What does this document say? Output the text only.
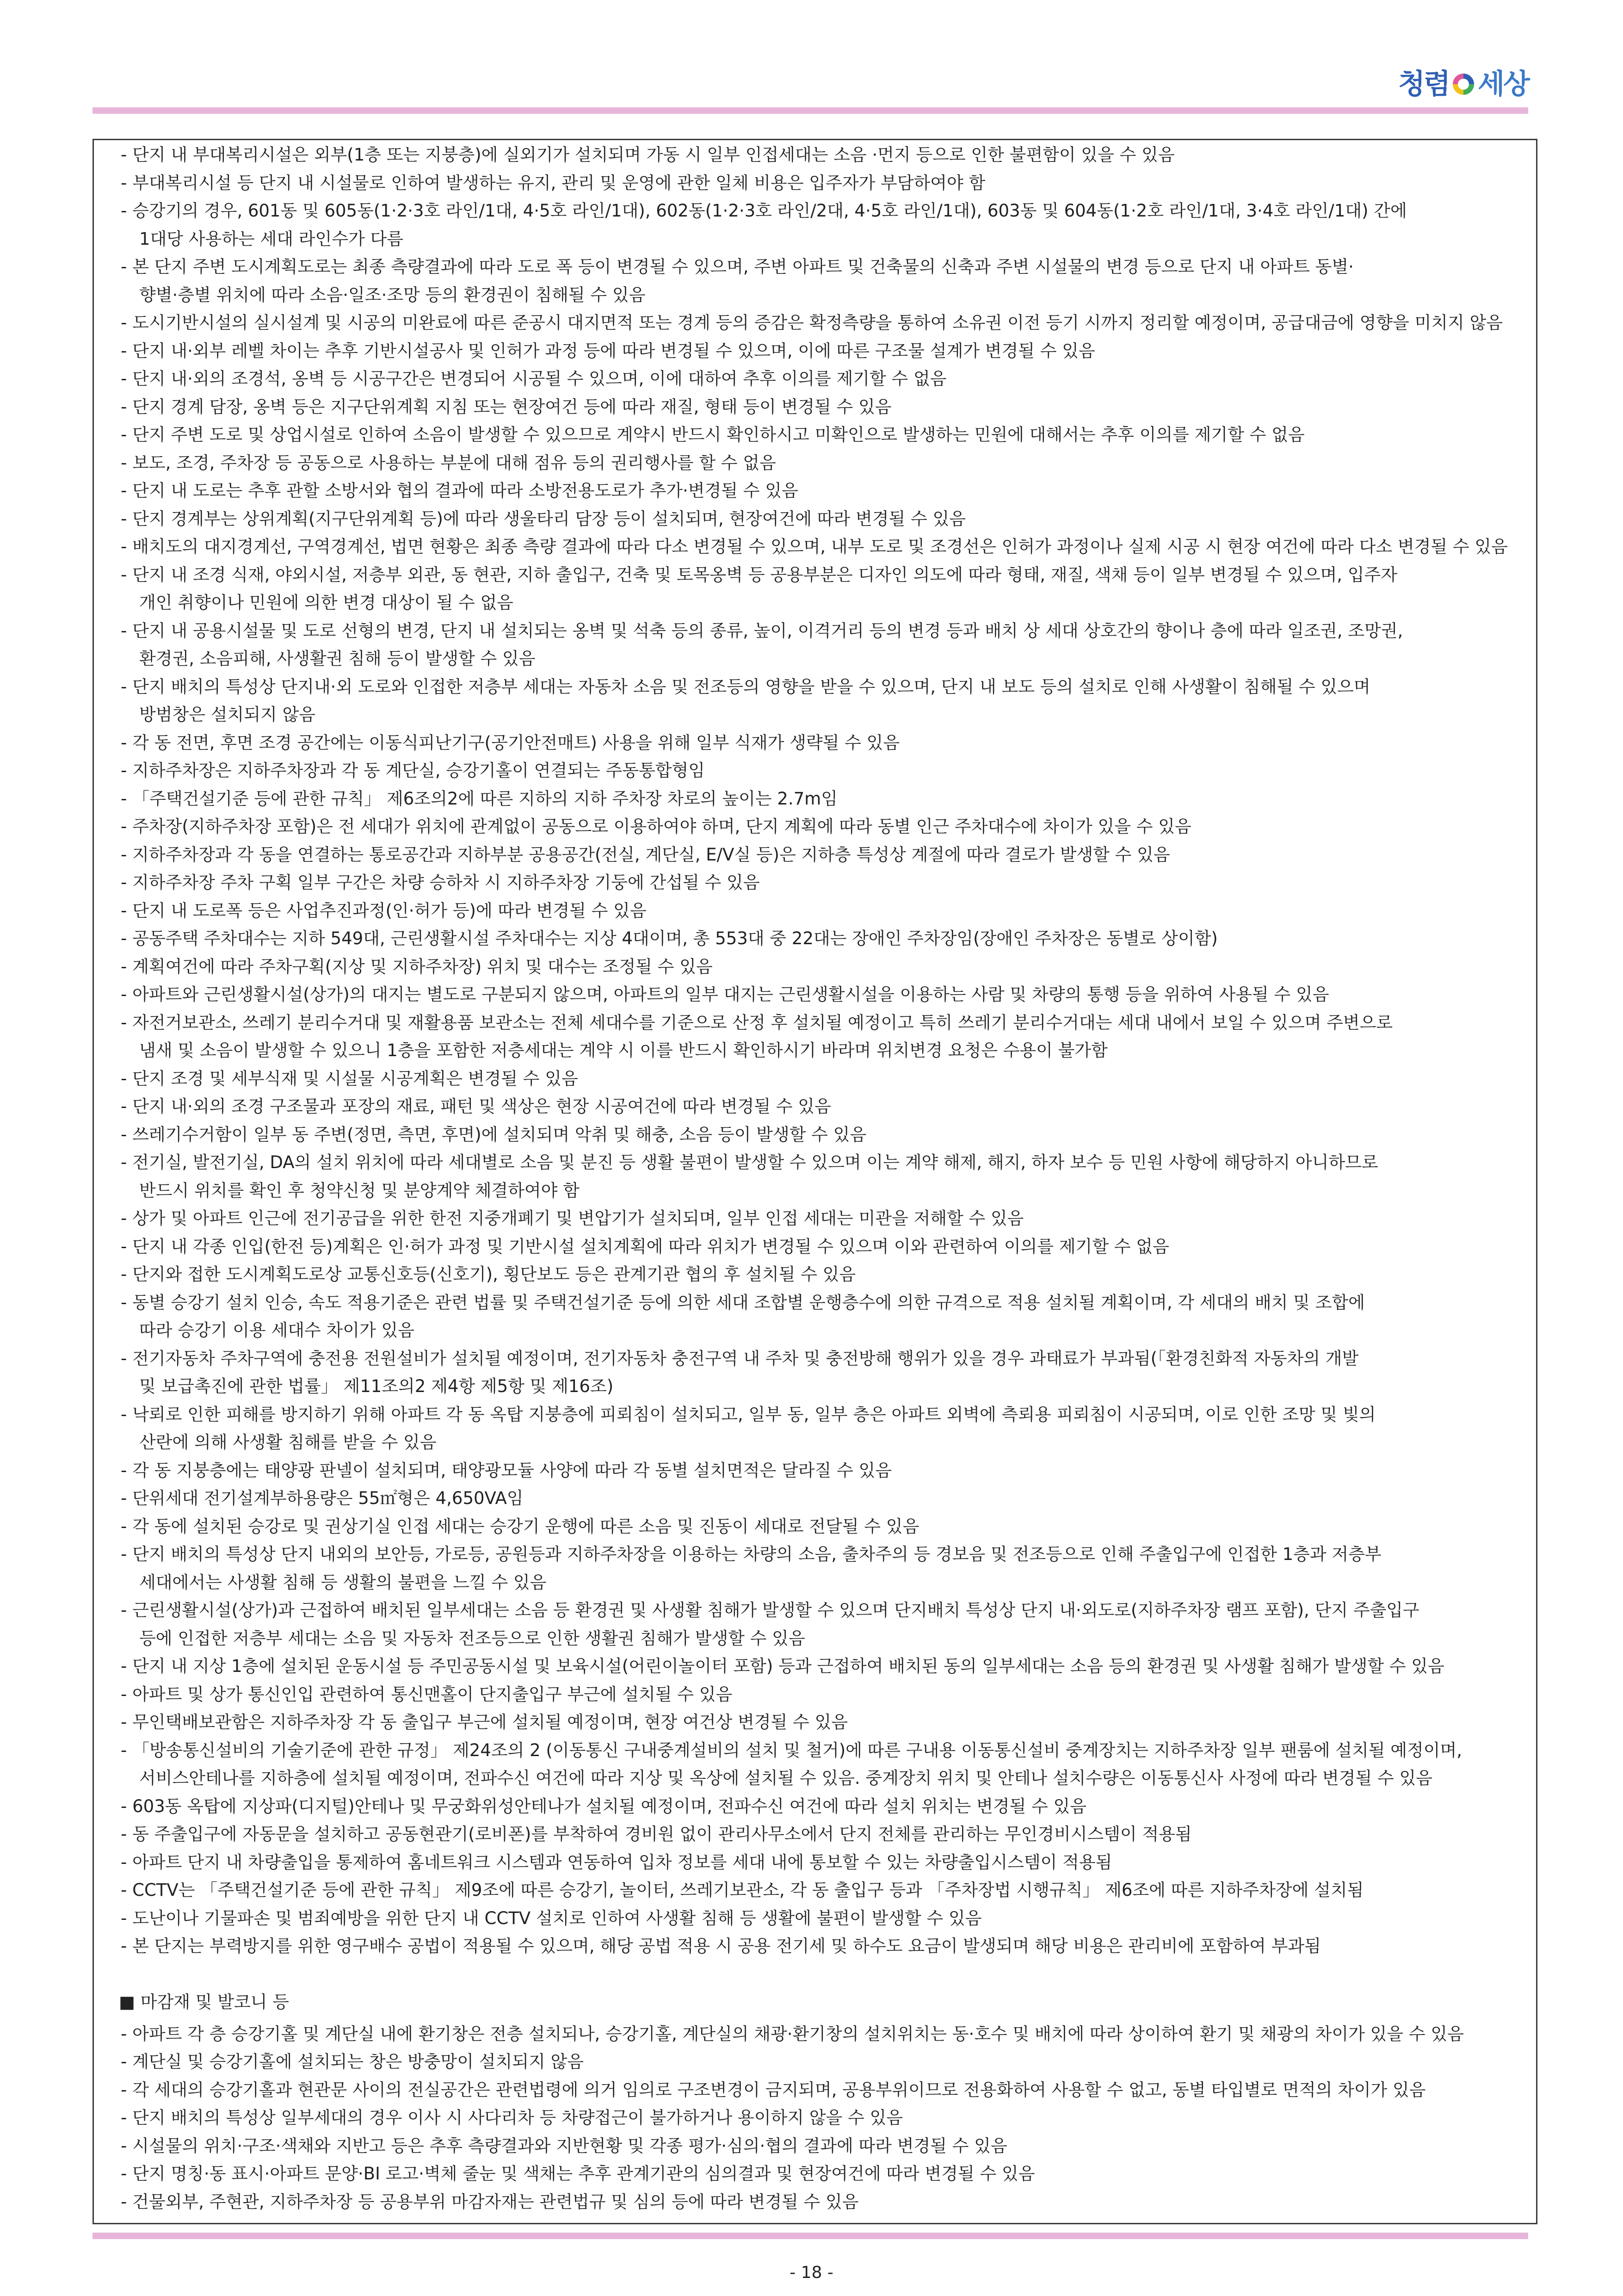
청렴 세상
- 단지 내 부대복리시설은 외부(1층 또는 지붕층)에 실외기가 설치되며 가동 시 일부 인접세대는 소음 ·먼지 등으로 인한 불편함이 있을 수 있음
- 부대복리시설 등 단지 내 시설물로 인하여 발생하는 유지, 관리 및 운영에 관한 일체 비용은 입주자가 부담하여야 함
- 승강기의 경우, 601동 및 605동(1·2·3호 라인/1대, 4·5호 라인/1대), 602동(1·2·3호 라인/2대, 4·5호 라인/1대), 603동 및 604동(1·2호 라인/1대, 3·4호 라인/1대) 간에
1대당 사용하는 세대 라인수가 다름
- 본 단지 주변 도시계획도로는 최종 측량결과에 따라 도로 폭 등이 변경될 수 있으며, 주변 아파트 및 건축물의 신축과 주변 시설물의 변경 등으로 단지 내 아파트 동별·
향별·층별 위치에 따라 소음·일조·조망 등의 환경권이 침해될 수 있음
- 도시기반시설의 실시설계 및 시공의 미완료에 따른 준공시 대지면적 또는 경계 등의 증감은 확정측량을 통하여 소유권 이전 등기 시까지 정리할 예정이며, 공급대금에 영향을 미치지 않음
- 단지 내·외부 레벨 차이는 추후 기반시설공사 및 인허가 과정 등에 따라 변경될 수 있으며, 이에 따른 구조물 설계가 변경될 수 있음
- 단지 내·외의 조경석, 옹벽 등 시공구간은 변경되어 시공될 수 있으며, 이에 대하여 추후 이의를 제기할 수 없음
- 단지 경계 담장, 옹벽 등은 지구단위계획 지침 또는 현장여건 등에 따라 재질, 형태 등이 변경될 수 있음
- 단지 주변 도로 및 상업시설로 인하여 소음이 발생할 수 있으므로 계약시 반드시 확인하시고 미확인으로 발생하는 민원에 대해서는 추후 이의를 제기할 수 없음
- 보도, 조경, 주차장 등 공동으로 사용하는 부분에 대해 점유 등의 권리행사를 할 수 없음
- 단지 내 도로는 추후 관할 소방서와 협의 결과에 따라 소방전용도로가 추가·변경될 수 있음
- 단지 경계부는 상위계획(지구단위계획 등)에 따라 생울타리 담장 등이 설치되며, 현장여건에 따라 변경될 수 있음
- 배치도의 대지경계선, 구역경계선, 법면 현황은 최종 측량 결과에 따라 다소 변경될 수 있으며, 내부 도로 및 조경선은 인허가 과정이나 실제 시공 시 현장 여건에 따라 다소 변경될 수 있음
- 단지 내 조경 식재, 야외시설, 저층부 외관, 동 현관, 지하 출입구, 건축 및 토목옹벽 등 공용부분은 디자인 의도에 따라 형태, 재질, 색채 등이 일부 변경될 수 있으며, 입주자
개인 취향이나 민원에 의한 변경 대상이 될 수 없음
- 단지 내 공용시설물 및 도로 선형의 변경, 단지 내 설치되는 옹벽 및 석축 등의 종류, 높이, 이격거리 등의 변경 등과 배치 상 세대 상호간의 향이나 층에 따라 일조권, 조망권,
환경권, 소음피해, 사생활권 침해 등이 발생할 수 있음
- 단지 배치의 특성상 단지내·외 도로와 인접한 저층부 세대는 자동차 소음 및 전조등의 영향을 받을 수 있으며, 단지 내 보도 등의 설치로 인해 사생활이 침해될 수 있으며
방범창은 설치되지 않음
- 각 동 전면, 후면 조경 공간에는 이동식피난기구(공기안전매트) 사용을 위해 일부 식재가 생략될 수 있음
- 지하주차장은 지하주차장과 각 동 계단실, 승강기홀이 연결되는 주동통합형임
- 「주택건설기준 등에 관한 규칙」 제6조의2에 따른 지하의 지하 주차장 차로의 높이는 2.7m임
- 주차장(지하주차장 포함)은 전 세대가 위치에 관계없이 공동으로 이용하여야 하며, 단지 계획에 따라 동별 인근 주차대수에 차이가 있을 수 있음
- 지하주차장과 각 동을 연결하는 통로공간과 지하부분 공용공간(전실, 계단실, E/V실 등)은 지하층 특성상 계절에 따라 결로가 발생할 수 있음
- 지하주차장 주차 구획 일부 구간은 차량 승하차 시 지하주차장 기둥에 간섭될 수 있음
- 단지 내 도로폭 등은 사업추진과정(인·허가 등)에 따라 변경될 수 있음
- 공동주택 주차대수는 지하 549대, 근린생활시설 주차대수는 지상 4대이며, 총 553대 중 22대는 장애인 주차장임(장애인 주차장은 동별로 상이함)
- 계획여건에 따라 주차구획(지상 및 지하주차장) 위치 및 대수는 조정될 수 있음
- 아파트와 근린생활시설(상가)의 대지는 별도로 구분되지 않으며, 아파트의 일부 대지는 근린생활시설을 이용하는 사람 및 차량의 통행 등을 위하여 사용될 수 있음
- 자전거보관소, 쓰레기 분리수거대 및 재활용품 보관소는 전체 세대수를 기준으로 산정 후 설치될 예정이고 특히 쓰레기 분리수거대는 세대 내에서 보일 수 있으며 주변으로
냄새 및 소음이 발생할 수 있으니 1층을 포함한 저층세대는 계약 시 이를 반드시 확인하시기 바라며 위치변경 요청은 수용이 불가함
- 단지 조경 및 세부식재 및 시설물 시공계획은 변경될 수 있음
- 단지 내·외의 조경 구조물과 포장의 재료, 패턴 및 색상은 현장 시공여건에 따라 변경될 수 있음
- 쓰레기수거함이 일부 동 주변(정면, 측면, 후면)에 설치되며 악취 및 해충, 소음 등이 발생할 수 있음
- 전기실, 발전기실, DA의 설치 위치에 따라 세대별로 소음 및 분진 등 생활 불편이 발생할 수 있으며 이는 계약 해제, 해지, 하자 보수 등 민원 사항에 해당하지 아니하므로
반드시 위치를 확인 후 청약신청 및 분양계약 체결하여야 함
- 상가 및 아파트 인근에 전기공급을 위한 한전 지중개폐기 및 변압기가 설치되며, 일부 인접 세대는 미관을 저해할 수 있음
- 단지 내 각종 인입(한전 등)계획은 인·허가 과정 및 기반시설 설치계획에 따라 위치가 변경될 수 있으며 이와 관련하여 이의를 제기할 수 없음
- 단지와 접한 도시계획도로상 교통신호등(신호기), 횡단보도 등은 관계기관 협의 후 설치될 수 있음
- 동별 승강기 설치 인승, 속도 적용기준은 관련 법률 및 주택건설기준 등에 의한 세대 조합별 운행층수에 의한 규격으로 적용 설치될 계획이며, 각 세대의 배치 및 조합에
따라 승강기 이용 세대수 차이가 있음
- 전기자동차 주차구역에 충전용 전원설비가 설치될 예정이며, 전기자동차 충전구역 내 주차 및 충전방해 행위가 있을 경우 과태료가 부과됨(「환경친화적 자동차의 개발
및 보급촉진에 관한 법률」 제11조의2 제4항 제5항 및 제16조)
- 낙뢰로 인한 피해를 방지하기 위해 아파트 각 동 옥탑 지붕층에 피뢰침이 설치되고, 일부 동, 일부 층은 아파트 외벽에 측뢰용 피뢰침이 시공되며, 이로 인한 조망 및 빛의
산란에 의해 사생활 침해를 받을 수 있음
- 각 동 지붕층에는 태양광 판넬이 설치되며, 태양광모듈 사양에 따라 각 동별 설치면적은 달라질 수 있음
- 단위세대 전기설계부하용량은 55㎡형은 4,650VA임
- 각 동에 설치된 승강로 및 권상기실 인접 세대는 승강기 운행에 따른 소음 및 진동이 세대로 전달될 수 있음
- 단지 배치의 특성상 단지 내외의 보안등, 가로등, 공원등과 지하주차장을 이용하는 차량의 소음, 출차주의 등 경보음 및 전조등으로 인해 주출입구에 인접한 1층과 저층부
세대에서는 사생활 침해 등 생활의 불편을 느낄 수 있음
- 근린생활시설(상가)과 근접하여 배치된 일부세대는 소음 등 환경권 및 사생활 침해가 발생할 수 있으며 단지배치 특성상 단지 내·외도로(지하주차장 램프 포함), 단지 주출입구
등에 인접한 저층부 세대는 소음 및 자동차 전조등으로 인한 생활권 침해가 발생할 수 있음
- 단지 내 지상 1층에 설치된 운동시설 등 주민공동시설 및 보육시설(어린이놀이터 포함) 등과 근접하여 배치된 동의 일부세대는 소음 등의 환경권 및 사생활 침해가 발생할 수 있음
- 아파트 및 상가 통신인입 관련하여 통신맨홀이 단지출입구 부근에 설치될 수 있음
- 무인택배보관함은 지하주차장 각 동 출입구 부근에 설치될 예정이며, 현장 여건상 변경될 수 있음
- 「방송통신설비의 기술기준에 관한 규정」 제24조의 2 (이동통신 구내중계설비의 설치 및 철거)에 따른 구내용 이동통신설비 중계장치는 지하주차장 일부 팬룸에 설치될 예정이며,
서비스안테나를 지하층에 설치될 예정이며, 전파수신 여건에 따라 지상 및 옥상에 설치될 수 있음. 중계장치 위치 및 안테나 설치수량은 이동통신사 사정에 따라 변경될 수 있음
- 603동 옥탑에 지상파(디지털)안테나 및 무궁화위성안테나가 설치될 예정이며, 전파수신 여건에 따라 설치 위치는 변경될 수 있음
- 동 주출입구에 자동문을 설치하고 공동현관기(로비폰)를 부착하여 경비원 없이 관리사무소에서 단지 전체를 관리하는 무인경비시스템이 적용됨
- 아파트 단지 내 차량출입을 통제하여 홈네트워크 시스템과 연동하여 입차 정보를 세대 내에 통보할 수 있는 차량출입시스템이 적용됨
- CCTV는 「주택건설기준 등에 관한 규칙」 제9조에 따른 승강기, 놀이터, 쓰레기보관소, 각 동 출입구 등과 「주차장법 시행규칙」 제6조에 따른 지하주차장에 설치됨
- 도난이나 기물파손 및 범죄예방을 위한 단지 내 CCTV 설치로 인하여 사생활 침해 등 생활에 불편이 발생할 수 있음
- 본 단지는 부력방지를 위한 영구배수 공법이 적용될 수 있으며, 해당 공법 적용 시 공용 전기세 및 하수도 요금이 발생되며 해당 비용은 관리비에 포함하여 부과됨
■ 마감재 및 발코니 등
- 아파트 각 층 승강기홀 및 계단실 내에 환기창은 전층 설치되나, 승강기홀, 계단실의 채광·환기창의 설치위치는 동·호수 및 배치에 따라 상이하여 환기 및 채광의 차이가 있을 수 있음
- 계단실 및 승강기홀에 설치되는 창은 방충망이 설치되지 않음
- 각 세대의 승강기홀과 현관문 사이의 전실공간은 관련법령에 의거 임의로 구조변경이 금지되며, 공용부위이므로 전용화하여 사용할 수 없고, 동별 타입별로 면적의 차이가 있음
- 단지 배치의 특성상 일부세대의 경우 이사 시 사다리차 등 차량접근이 불가하거나 용이하지 않을 수 있음
- 시설물의 위치·구조·색채와 지반고 등은 추후 측량결과와 지반현황 및 각종 평가·심의·협의 결과에 따라 변경될 수 있음
- 단지 명칭·동 표시·아파트 문양·BI 로고·벽체 줄눈 및 색채는 추후 관계기관의 심의결과 및 현장여건에 따라 변경될 수 있음
- 건물외부, 주현관, 지하주차장 등 공용부위 마감자재는 관련법규 및 심의 등에 따라 변경될 수 있음
- 18 -
